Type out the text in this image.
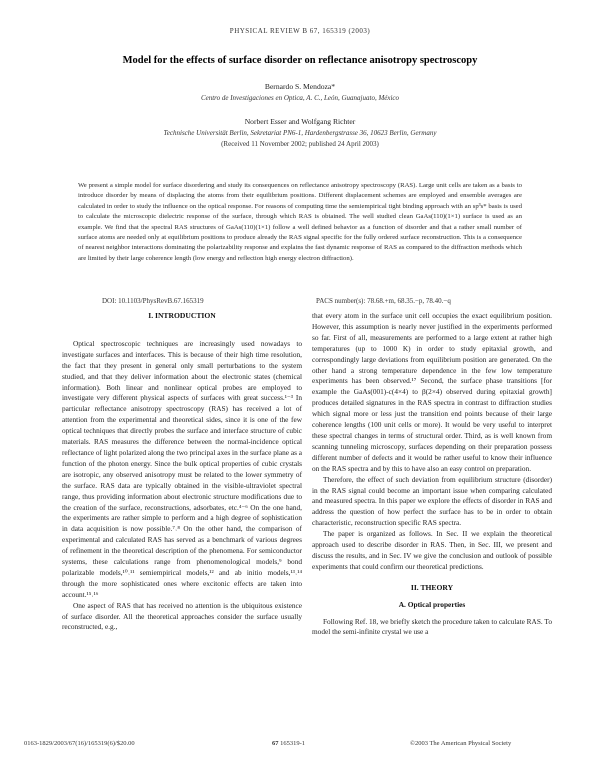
PHYSICAL REVIEW B 67, 165319 (2003)
Model for the effects of surface disorder on reflectance anisotropy spectroscopy
Bernardo S. Mendoza*
Centro de Investigaciones en Optica, A. C., León, Guanajuato, México
Norbert Esser and Wolfgang Richter
Technische Universität Berlin, Sekretariat PN6-1, Hardenbergstrasse 36, 10623 Berlin, Germany
(Received 11 November 2002; published 24 April 2003)
We present a simple model for surface disordering and study its consequences on reflectance anisotropy spectroscopy (RAS). Large unit cells are taken as a basis to introduce disorder by means of displacing the atoms from their equilibrium positions. Different displacement schemes are employed and ensemble averages are calculated in order to study the influence on the optical response. For reasons of computing time the semiempirical tight binding approach with an sp³s* basis is used to calculate the microscopic dielectric response of the surface, through which RAS is obtained. The well studied clean GaAs(110)(1×1) surface is used as an example. We find that the spectral RAS structures of GaAs(110)(1×1) follow a well defined behavior as a function of disorder and that a rather small number of surface atoms are needed only at equilibrium positions to produce already the RAS signal specific for the fully ordered surface reconstruction. This is a consequence of nearest neighbor interactions dominating the polarizability response and explains the fast dynamic response of RAS as compared to the diffraction methods which are limited by their large coherence length (low energy and reflection high energy electron diffraction).
DOI: 10.1103/PhysRevB.67.165319	PACS number(s): 78.68.+m, 68.35.−p, 78.40.−q
I. INTRODUCTION

Optical spectroscopic techniques are increasingly used nowadays to investigate surfaces and interfaces. This is because of their high time resolution, the fact that they present in general only small perturbations to the system studied, and that they deliver information about the electronic states (chemical information). Both linear and nonlinear optical probes are employed to investigate very different physical aspects of surfaces with great success.¹⁻³ In particular reflectance anisotropy spectroscopy (RAS) has received a lot of attention from the experimental and theoretical sides, since it is one of the few optical techniques that directly probes the surface and interface structure of cubic materials. RAS measures the difference between the normal-incidence optical reflectance of light polarized along the two principal axes in the surface plane as a function of the photon energy. Since the bulk optical properties of cubic crystals are isotropic, any observed anisotropy must be related to the lower symmetry of the surface. RAS data are typically obtained in the visible-ultraviolet spectral range, thus providing information about electronic structure modifications due to the creation of the surface, reconstructions, adsorbates, etc.⁴⁻⁶ On the one hand, the experiments are rather simple to perform and a high degree of sophistication in data acquisition is now possible.⁷˒⁸ On the other hand, the comparison of experimental and calculated RAS has served as a benchmark of various degrees of refinement in the theoretical description of the phenomena. For semiconductor systems, these calculations range from phenomenological models,⁹ bond polarizable models,¹⁰˒¹¹ semiempirical models,¹² and ab initio models,¹³˒¹⁴ through the more sophisticated ones where excitonic effects are taken into account.¹⁵˒¹⁶

One aspect of RAS that has received no attention is the ubiquitous existence of surface disorder. All the theoretical approaches consider the surface usually reconstructed, e.g.,

that every atom in the surface unit cell occupies the exact equilibrium position. However, this assumption is nearly never justified in the experiments performed so far. First of all, measurements are performed to a large extent at rather high temperatures (up to 1000 K) in order to study epitaxial growth, and correspondingly large deviations from equilibrium position are generated. On the other hand a strong temperature dependence in the few low temperature experiments has been observed.¹⁷ Second, the surface phase transitions [for example the GaAs(001)-c(4×4) to β(2×4) observed during epitaxial growth] produces detailed signatures in the RAS spectra in contrast to diffraction studies which signal more or less just the transition end points because of their large coherence lengths (100 unit cells or more). It would be very useful to interpret these spectral changes in terms of structural order. Third, as is well known from scanning tunneling microscopy, surfaces depending on their preparation possess different number of defects and it would be rather useful to know their influence on the RAS spectra and by this to have also an easy control on preparation.

Therefore, the effect of such deviation from equilibrium structure (disorder) in the RAS signal could become an important issue when comparing calculated and measured spectra. In this paper we explore the effects of disorder in RAS and address the question of how perfect the surface has to be in order to obtain characteristic, reconstruction specific RAS spectra.

The paper is organized as follows. In Sec. II we explain the theoretical approach used to describe disorder in RAS. Then, in Sec. III, we present and discuss the results, and in Sec. IV we give the conclusion and outlook of possible experiments that could confirm our theoretical predictions.

II. THEORY
A. Optical properties

Following Ref. 18, we briefly sketch the procedure taken to calculate RAS. To model the semi-infinite crystal we use a

0163-1829/2003/67(16)/165319(6)/$20.00	67 165319-1	©2003 The American Physical Society
